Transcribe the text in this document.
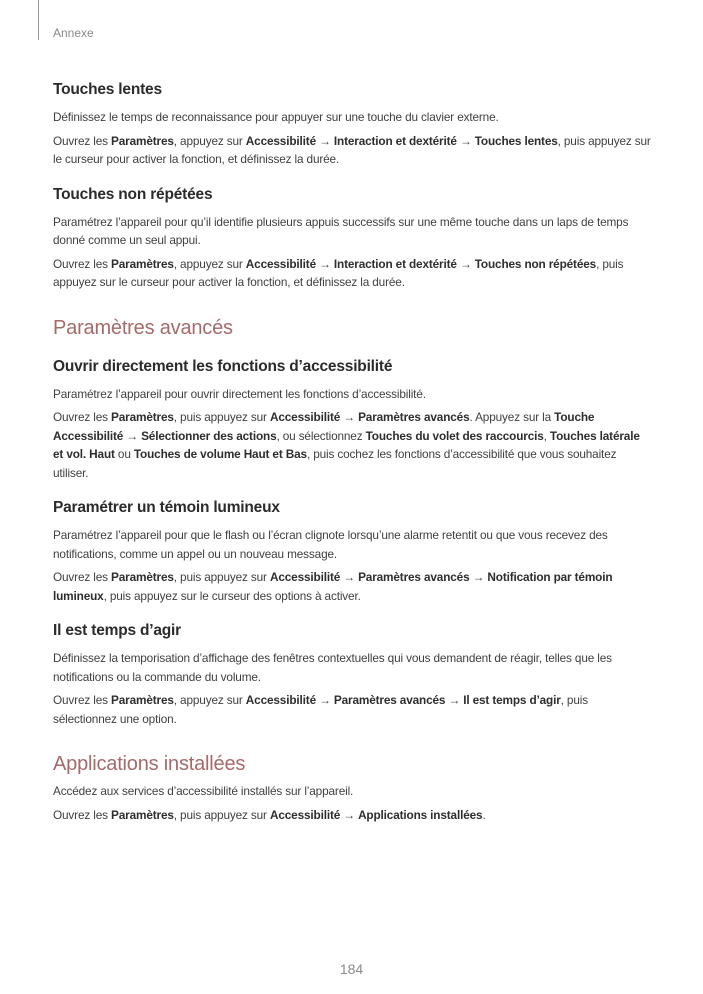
Annexe
Touches lentes

Définissez le temps de reconnaissance pour appuyer sur une touche du clavier externe.

Ouvrez les Paramètres, appuyez sur Accessibilité → Interaction et dextérité → Touches lentes, puis appuyez sur le curseur pour activer la fonction, et définissez la durée.

Touches non répétées

Paramétrez l’appareil pour qu’il identifie plusieurs appuis successifs sur une même touche dans un laps de temps donné comme un seul appui.

Ouvrez les Paramètres, appuyez sur Accessibilité → Interaction et dextérité → Touches non répétées, puis appuyez sur le curseur pour activer la fonction, et définissez la durée.

Paramètres avancés
Ouvrir directement les fonctions d’accessibilité

Paramétrez l’appareil pour ouvrir directement les fonctions d’accessibilité.

Ouvrez les Paramètres, puis appuyez sur Accessibilité → Paramètres avancés. Appuyez sur la Touche Accessibilité → Sélectionner des actions, ou sélectionnez Touches du volet des raccourcis, Touches latérale et vol. Haut ou Touches de volume Haut et Bas, puis cochez les fonctions d’accessibilité que vous souhaitez utiliser.

Paramétrer un témoin lumineux

Paramétrez l’appareil pour que le flash ou l’écran clignote lorsqu’une alarme retentit ou que vous recevez des notifications, comme un appel ou un nouveau message.

Ouvrez les Paramètres, puis appuyez sur Accessibilité → Paramètres avancés → Notification par témoin lumineux, puis appuyez sur le curseur des options à activer.

Il est temps d’agir

Définissez la temporisation d’affichage des fenêtres contextuelles qui vous demandent de réagir, telles que les notifications ou la commande du volume.

Ouvrez les Paramètres, appuyez sur Accessibilité → Paramètres avancés → Il est temps d’agir, puis sélectionnez une option.

Applications installées

Accédez aux services d’accessibilité installés sur l’appareil.

Ouvrez les Paramètres, puis appuyez sur Accessibilité → Applications installées.

184
